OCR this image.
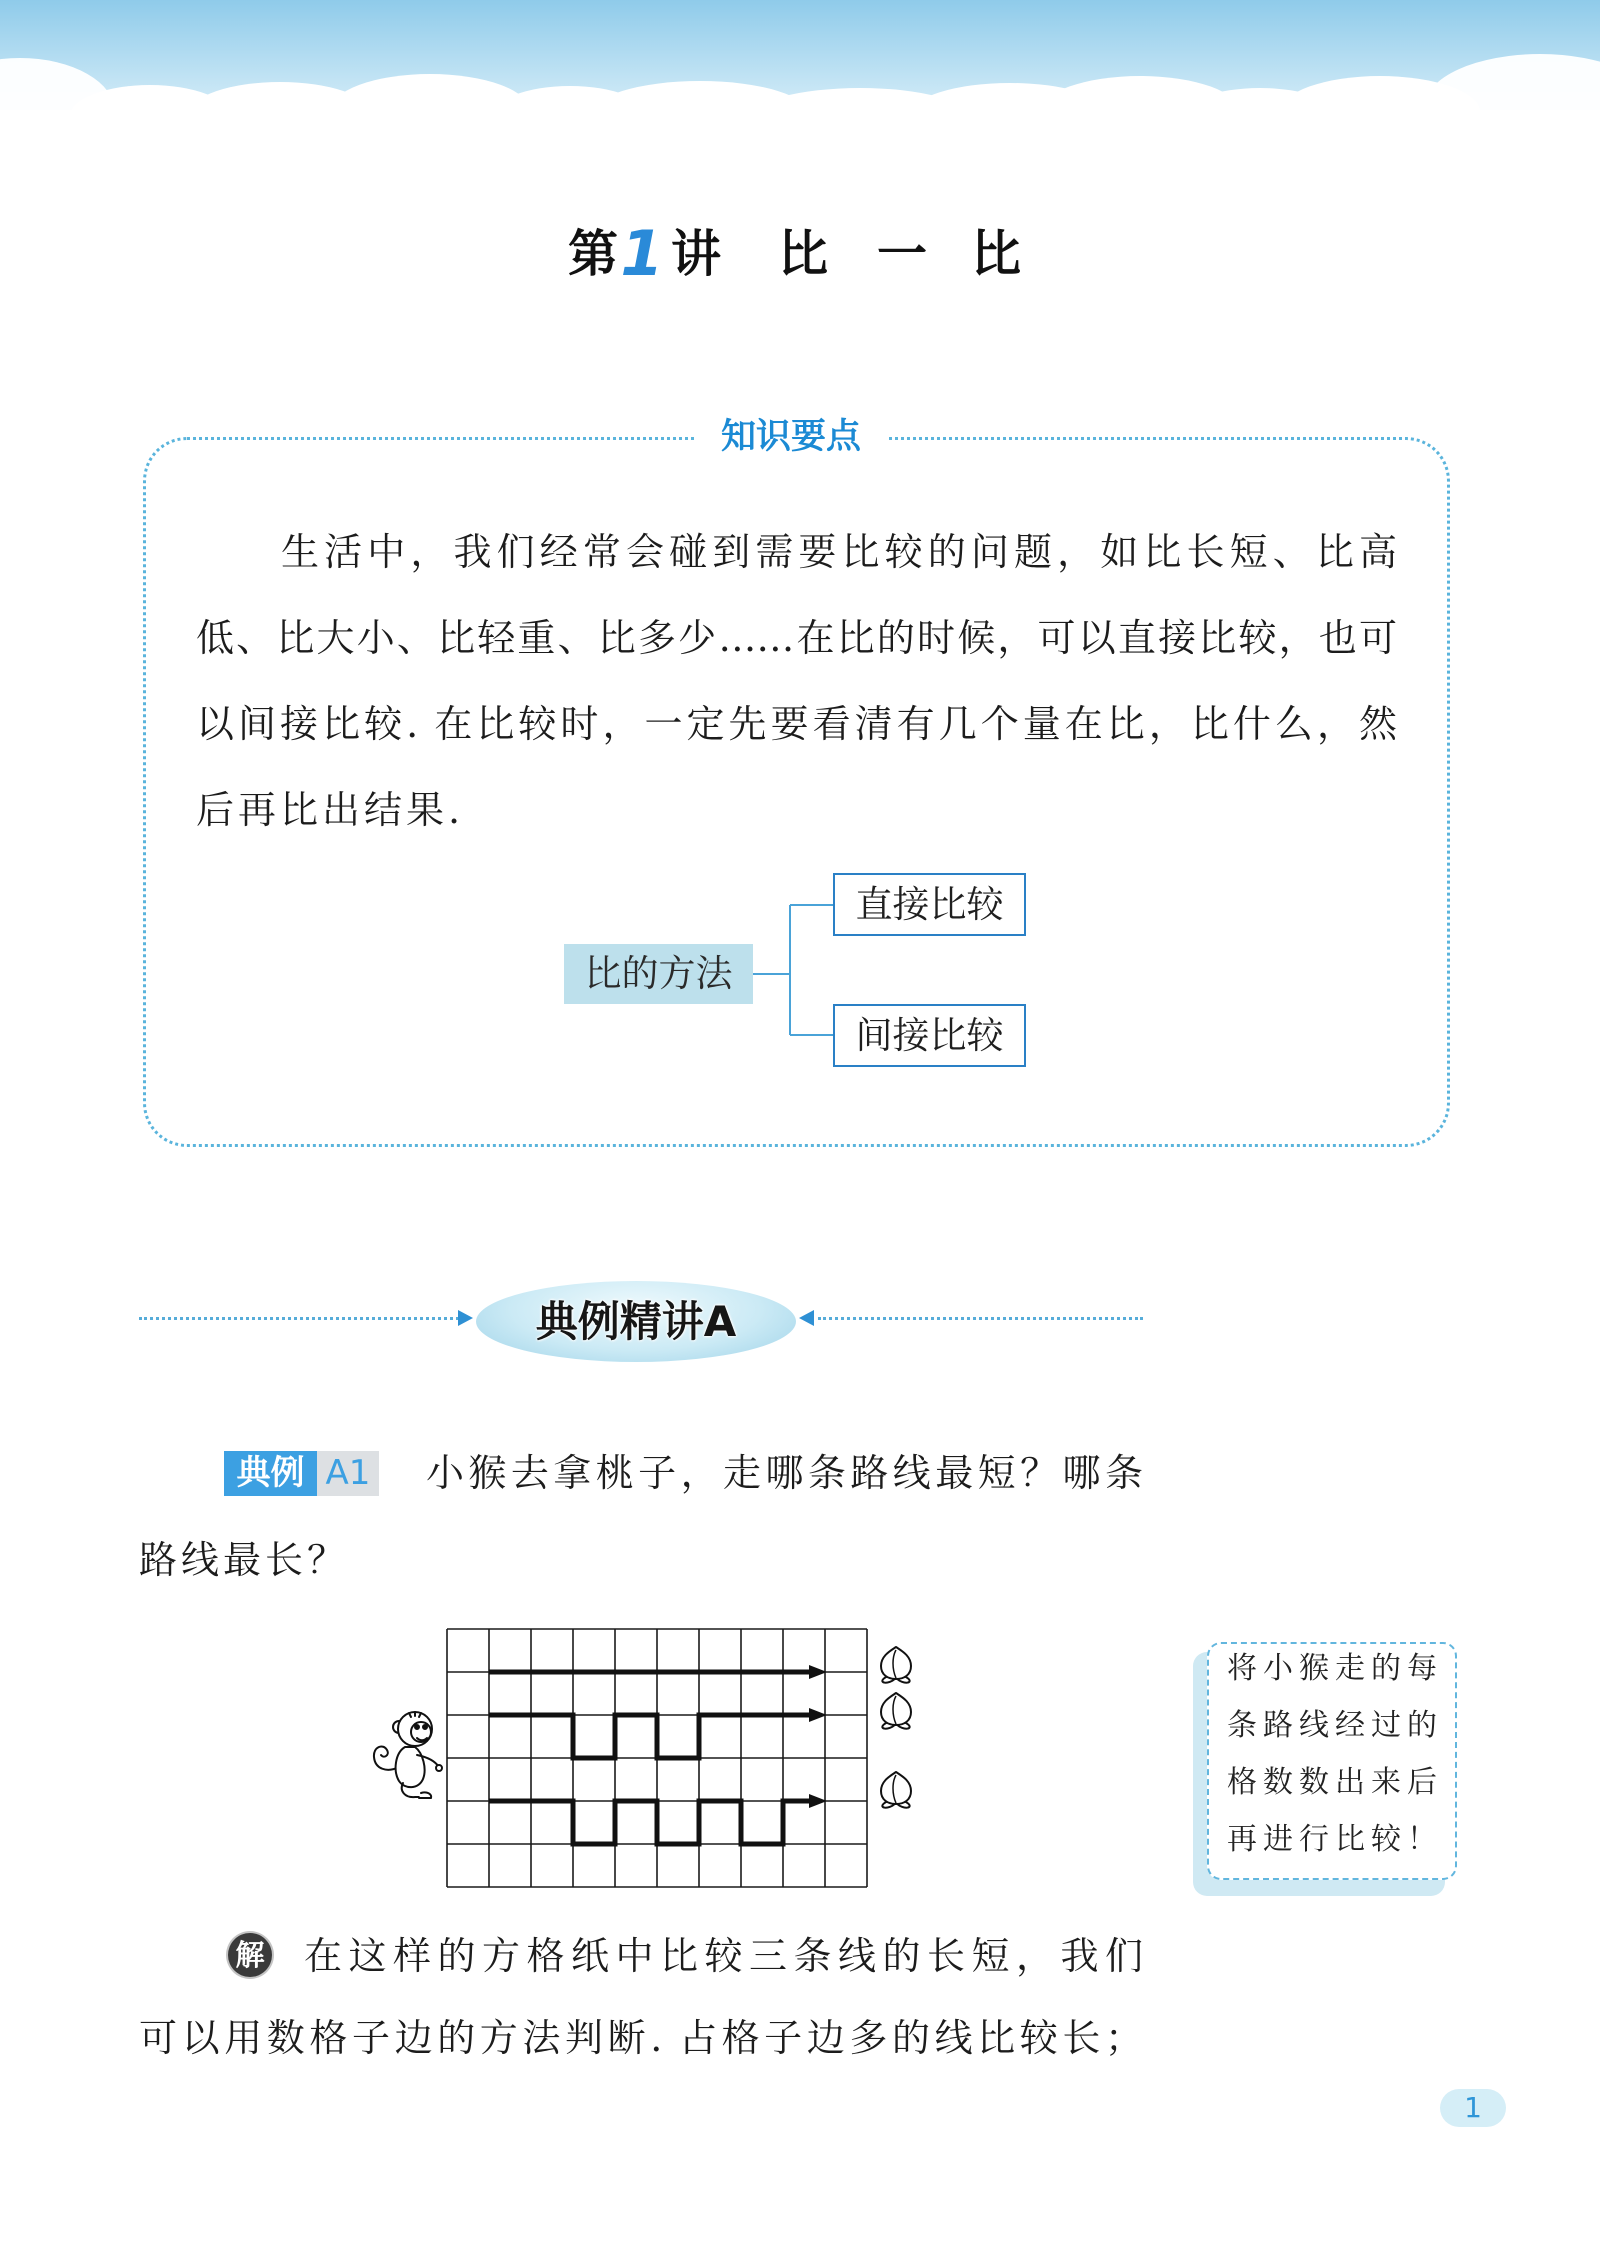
第 1 讲 比 一 比
知识要点
生活中，我们经常会碰到需要比较的问题，如比长短、比高
低、比大小、比轻重、比多少……在比的时候，可以直接比较，也可
以间接比较. 在比较时，一定先要看清有几个量在比，比什么，然
后再比出结果.
比的方法
直接比较
间接比较
典例精讲A
典例 A1 小猴去拿桃子，走哪条路线最短？哪条
路线最长？
将小猴走的每
条路线经过的
格数数出来后
再进行比较！
解 在这样的方格纸中比较三条线的长短，我们
可以用数格子边的方法判断. 占格子边多的线比较长；
1
